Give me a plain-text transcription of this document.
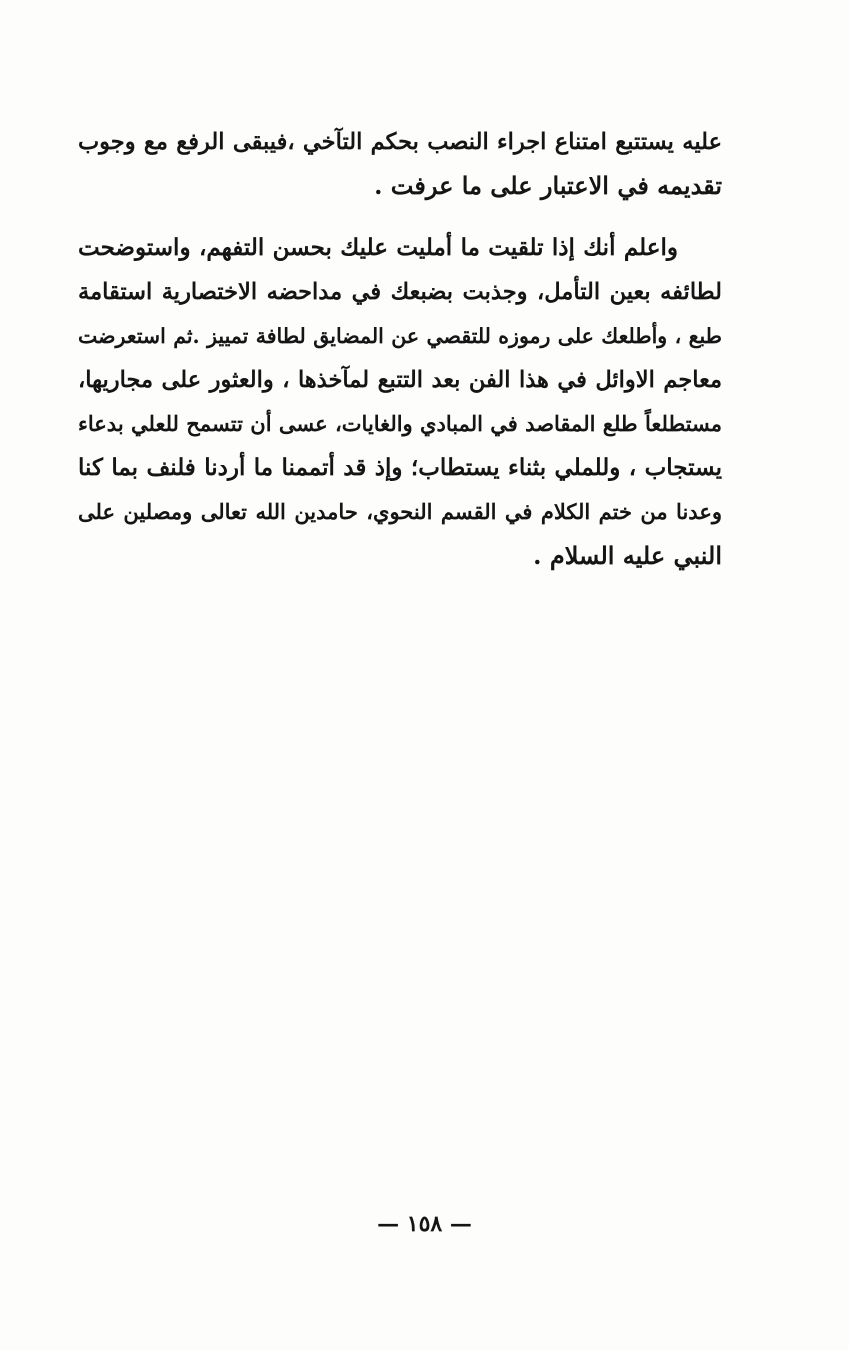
عليه يستتبع امتناع اجراء النصب بحكم التآخي ،فيبقى الرفع مع وجوب
تقديمه في الاعتبار على ما عرفت .
واعلم أنك إذا تلقيت ما أمليت عليك بحسن التفهم، واستوضحت
لطائفه بعين التأمل، وجذبت بضبعك في مداحضه الاختصارية استقامة
طبع ، وأطلعك على رموزه للتقصي عن المضايق لطافة تمييز .ثم استعرضت
معاجم الاوائل في هذا الفن بعد التتبع لمآخذها ، والعثور على مجاريها،
مستطلعاً طلع المقاصد في المبادي والغايات، عسى أن تتسمح للعلي بدعاء
يستجاب ، وللملي بثناء يستطاب؛ وإذ قد أتممنا ما أردنا فلنف بما كنا
وعدنا من ختم الكلام في القسم النحوي، حامدين الله تعالى ومصلين على
النبي عليه السلام .
— ١٥٨ —
